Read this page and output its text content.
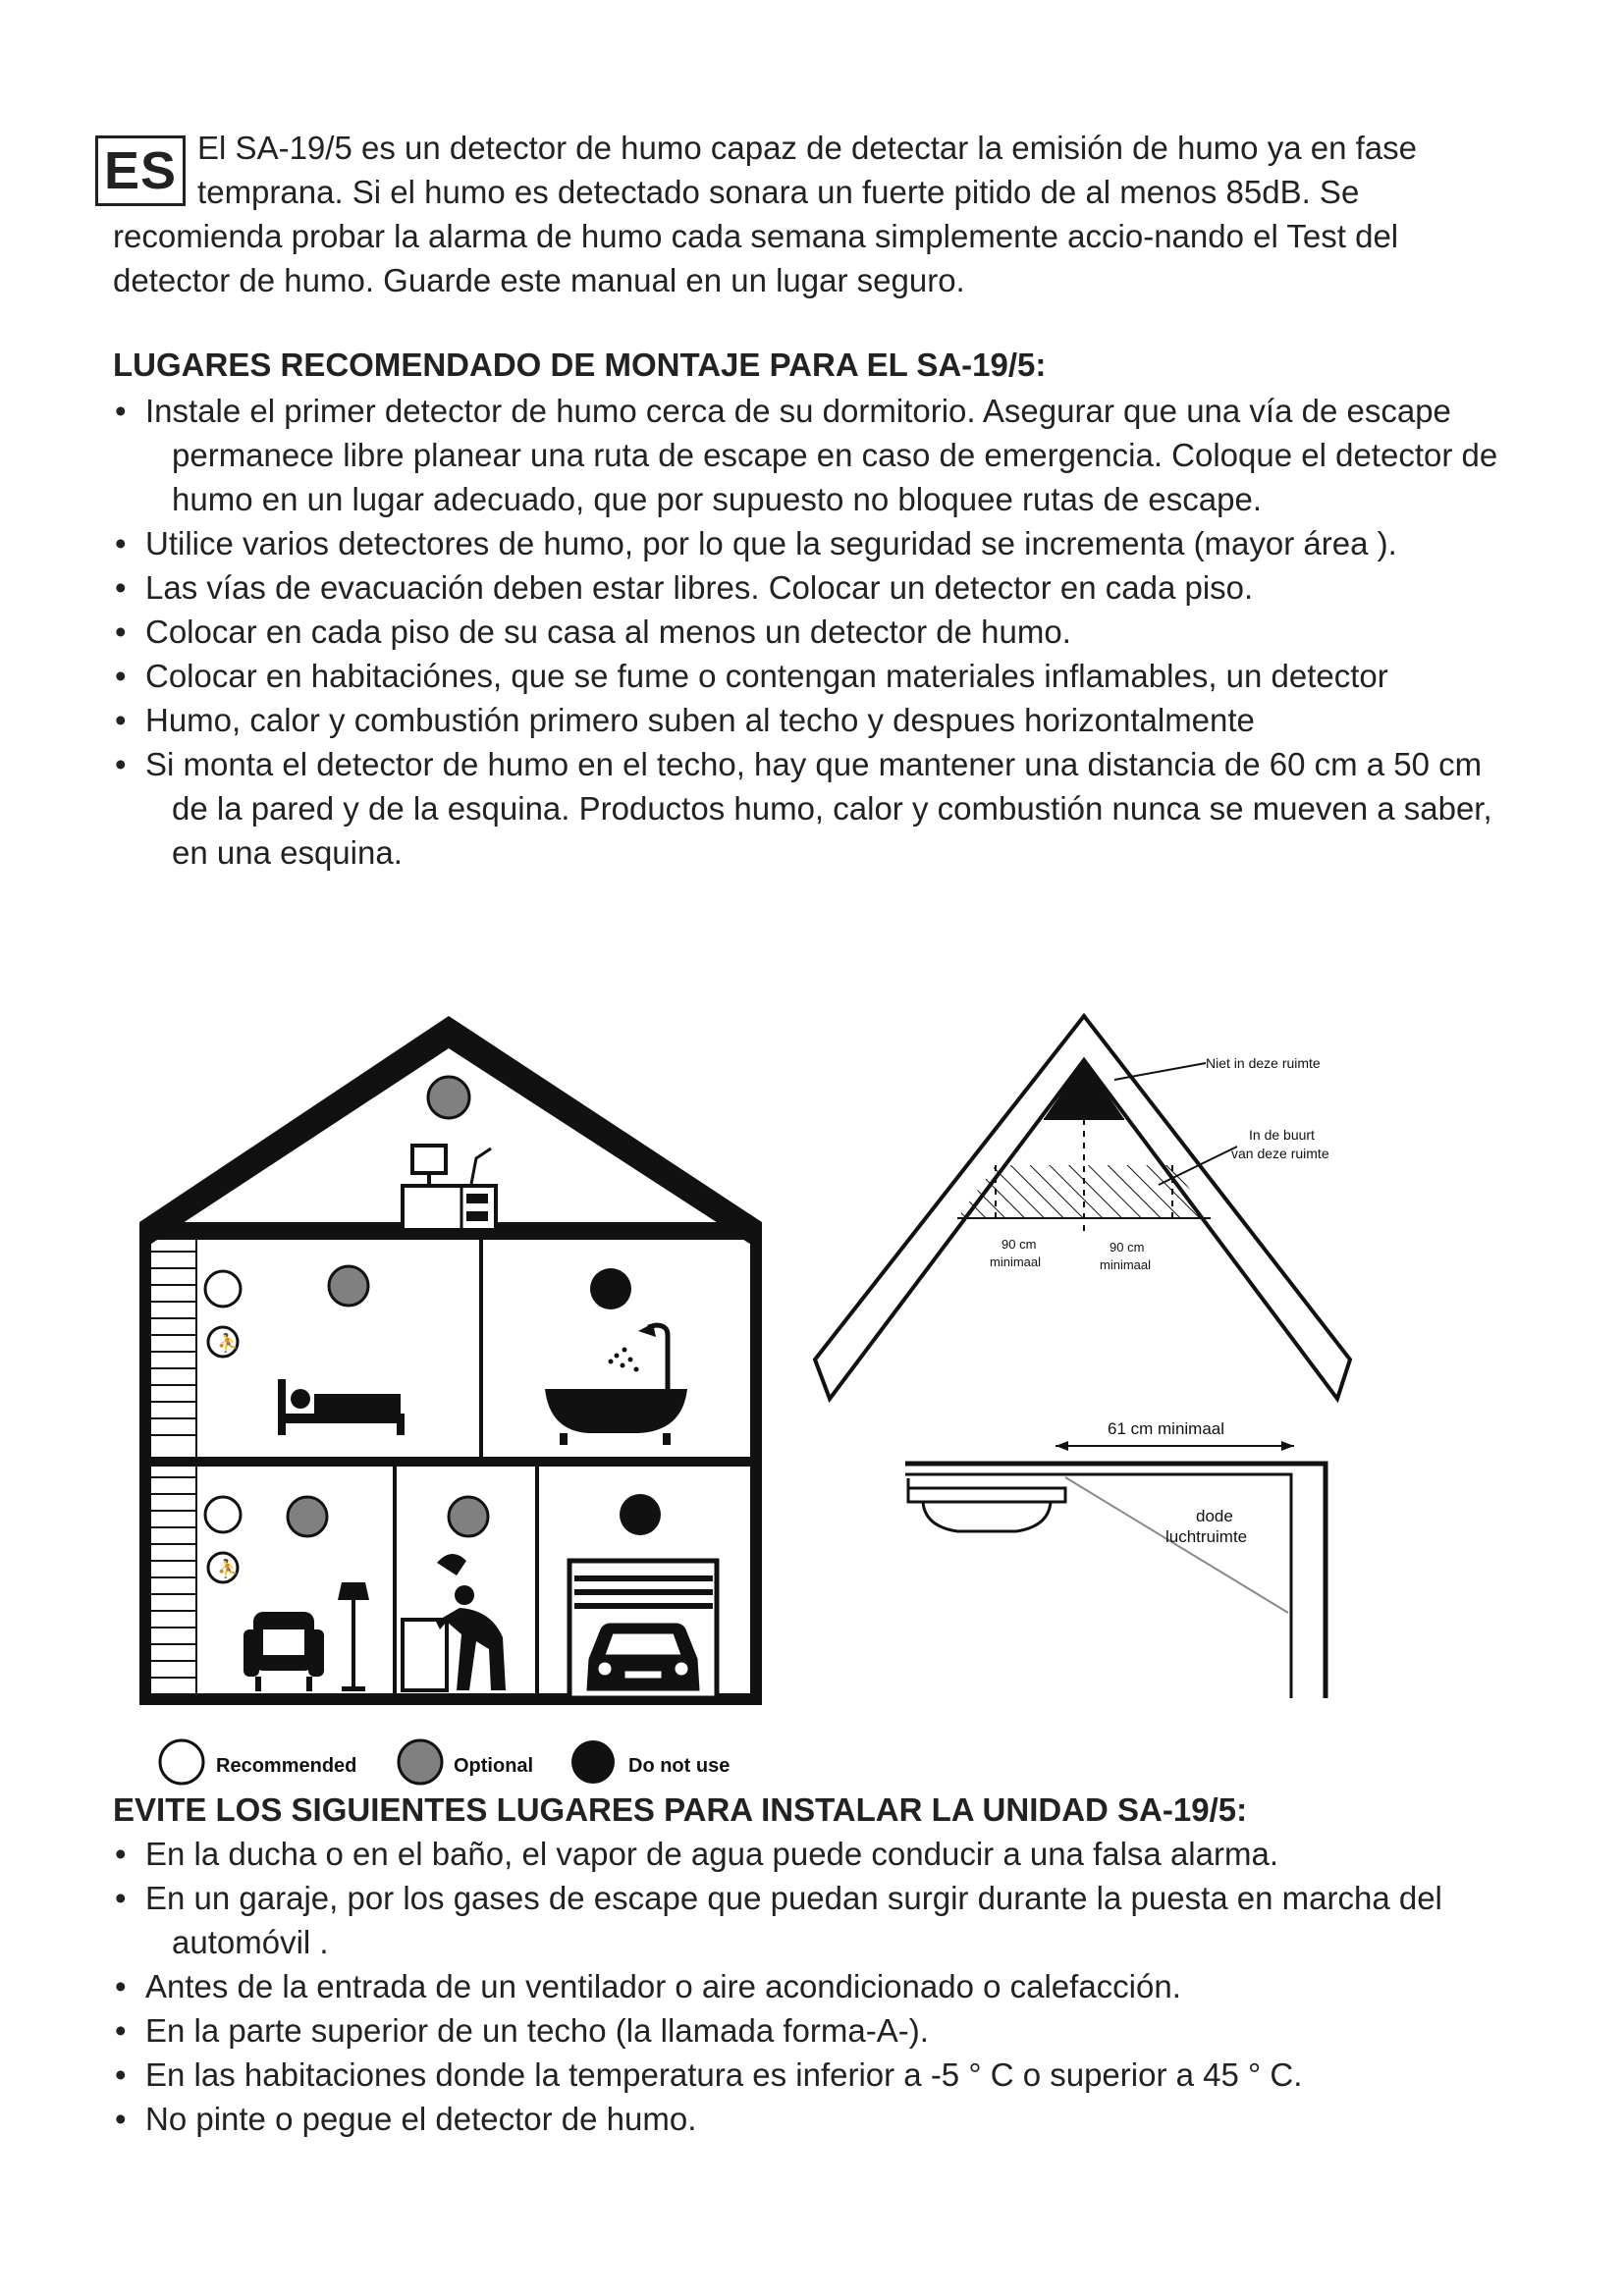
ES El SA-19/5 es un detector de humo capaz de detectar la emisión de humo ya en fase temprana. Si el humo es detectado sonara un fuerte pitido de al menos 85dB. Se recomienda probar la alarma de humo cada semana simplemente accio-nando el Test del detector de humo. Guarde este manual en un lugar seguro.
LUGARES RECOMENDADO DE MONTAJE PARA EL SA-19/5:
• Instale el primer detector de humo cerca de su dormitorio. Asegurar que una vía de escape permanece libre planear una ruta de escape en caso de emergencia. Coloque el detector de humo en un lugar adecuado, que por supuesto no bloquee rutas de escape.
• Utilice varios detectores de humo, por lo que la seguridad se incrementa (mayor área ).
• Las vías de evacuación deben estar libres. Colocar un detector en cada piso.
• Colocar en cada piso de su casa al menos un detector de humo.
• Colocar en habitaciónes, que se fume o contengan materiales inflamables, un detector
• Humo, calor y combustión primero suben al techo y despues horizontalmente
• Si monta el detector de humo en el techo, hay que mantener una distancia de 60 cm a 50 cm de la pared y de la esquina. Productos humo, calor y combustión nunca se mueven a saber, en una esquina.
⛹
⛹
Recommended	Optional	Do not use
Niet in deze ruimte
In de buurt
van deze ruimte
90 cm
minimaal
90 cm
minimaal
61 cm minimaal
dode
luchtruimte
EVITE LOS SIGUIENTES LUGARES PARA INSTALAR LA UNIDAD SA-19/5:
• En la ducha o en el baño, el vapor de agua puede conducir a una falsa alarma.
• En un garaje, por los gases de escape que puedan surgir durante la puesta en marcha del automóvil .
• Antes de la entrada de un ventilador o aire acondicionado o calefacción.
• En la parte superior de un techo (la llamada forma-A-).
• En las habitaciones donde la temperatura es inferior a -5 ° C o superior a 45 ° C.
• No pinte o pegue el detector de humo.
